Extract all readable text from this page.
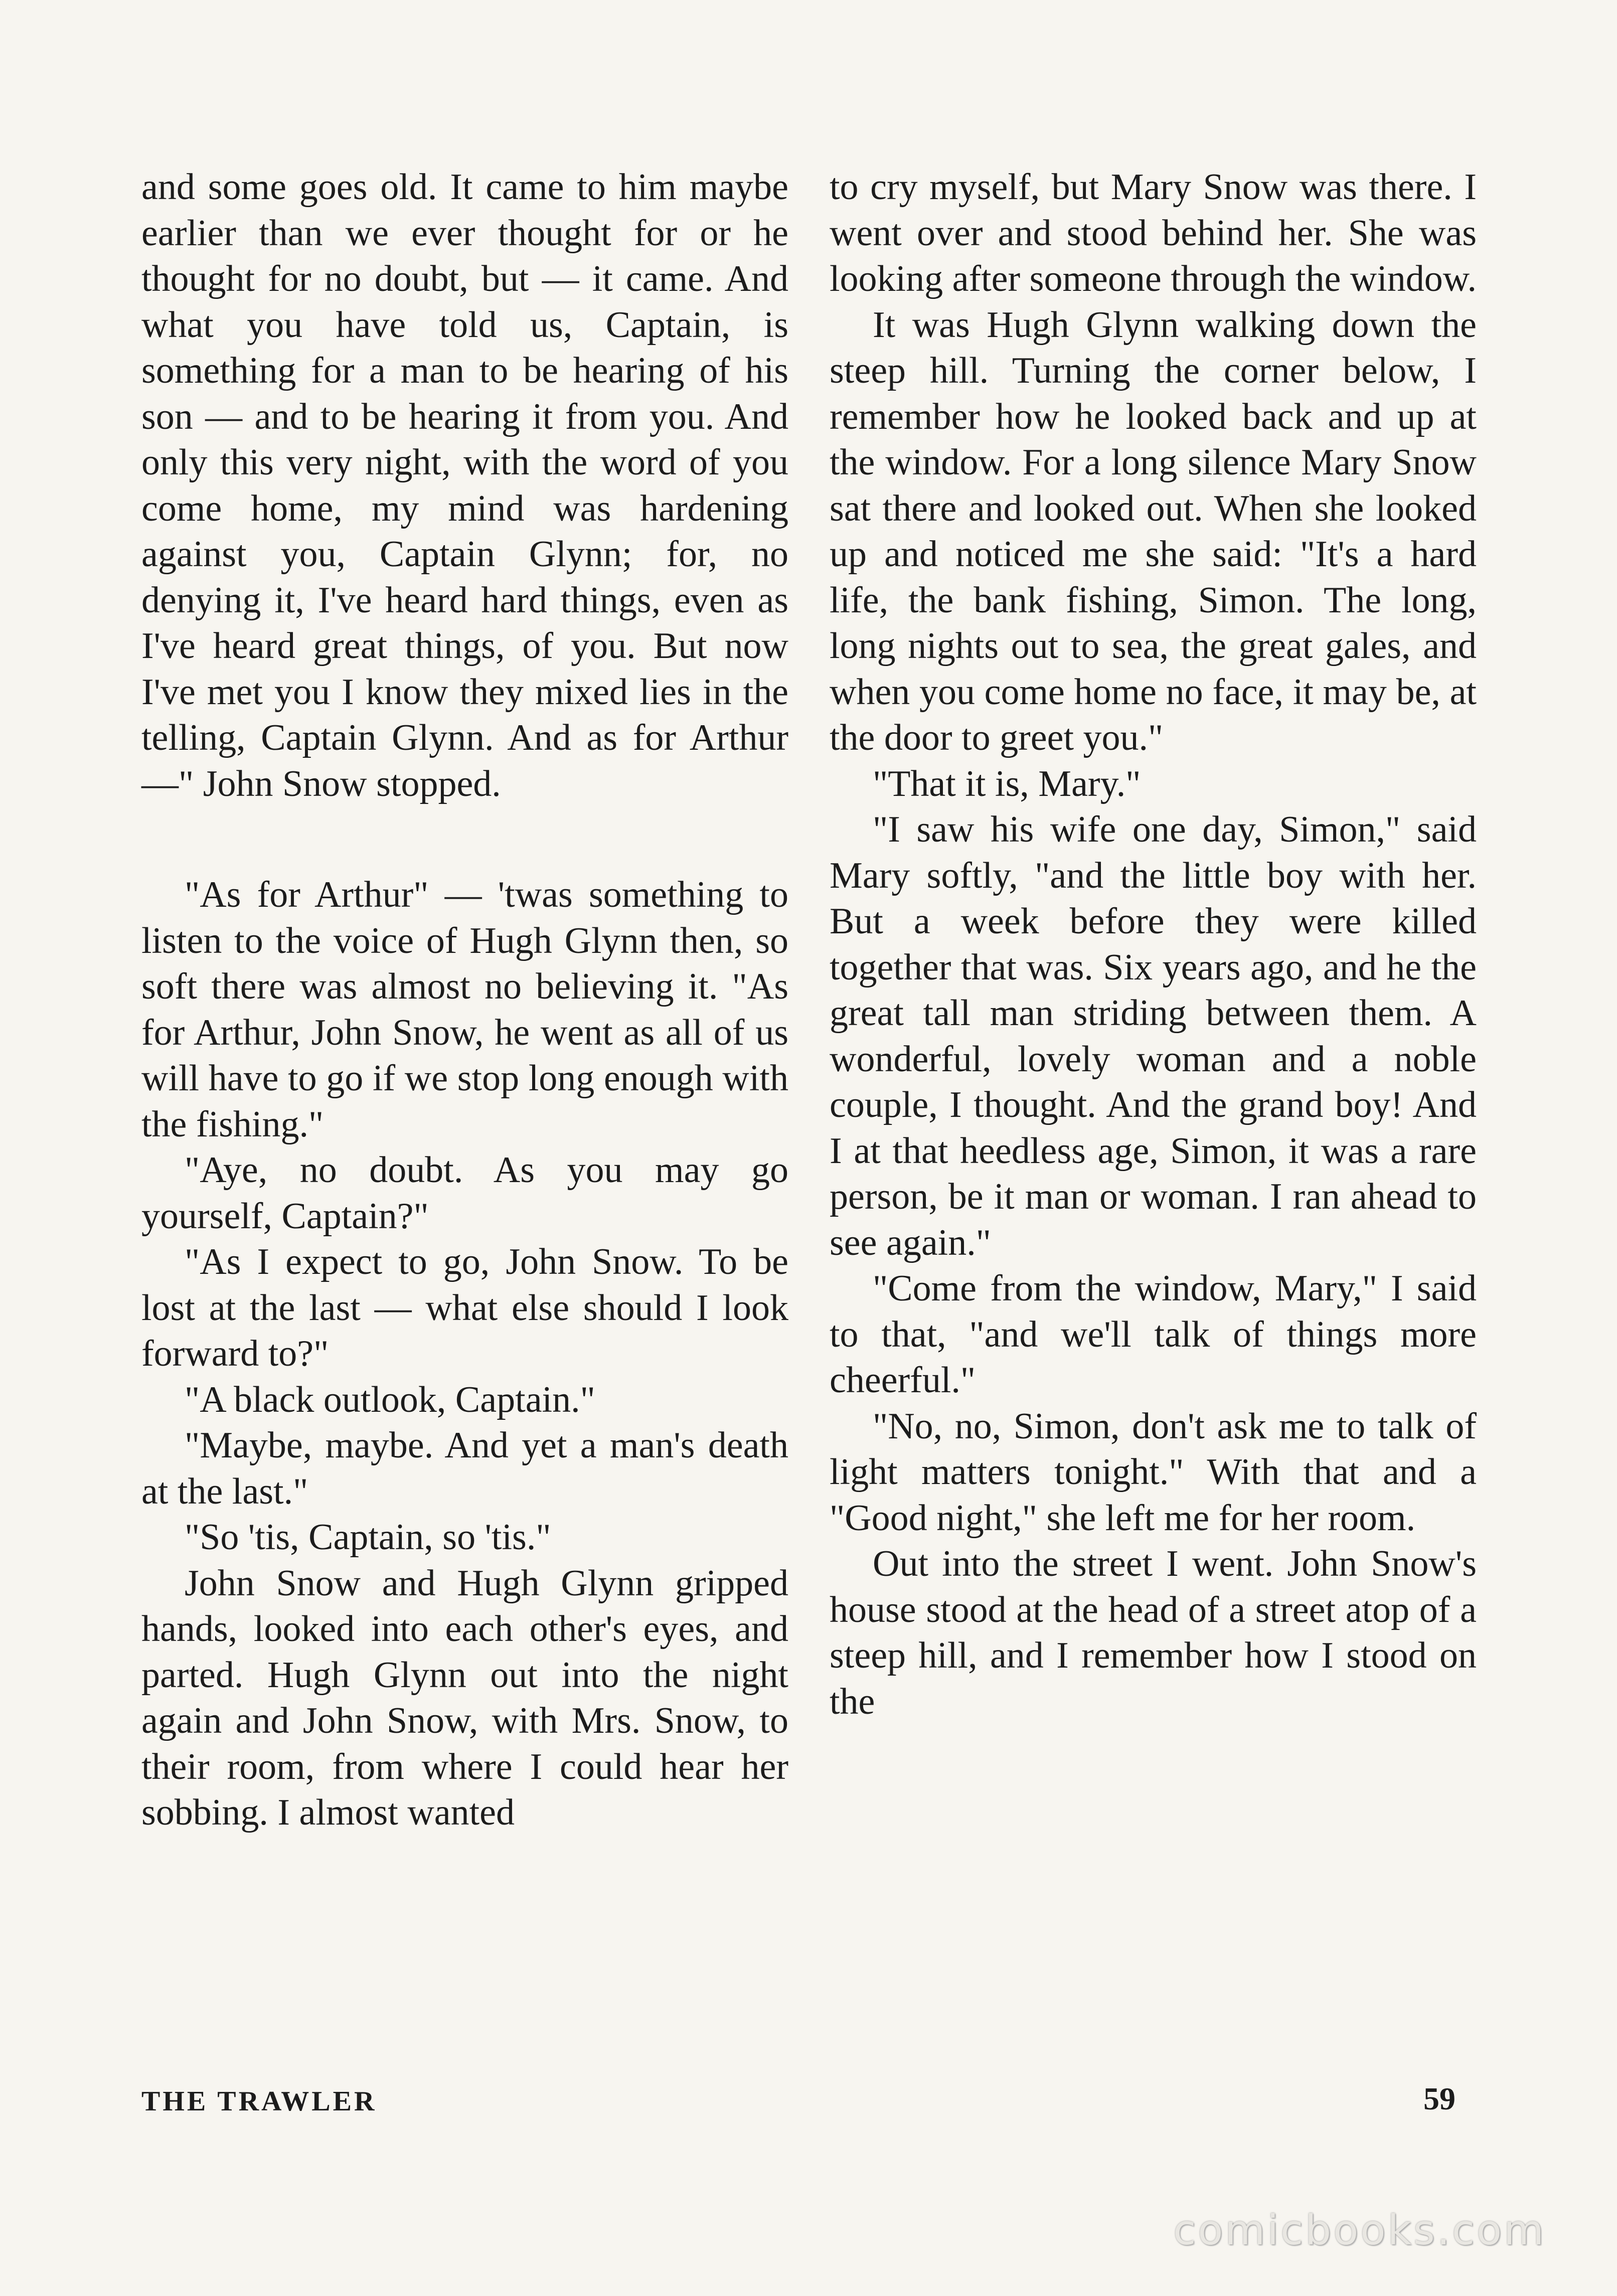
and some goes old. It came to him maybe earlier than we ever thought for or he thought for no doubt, but — it came. And what you have told us, Captain, is something for a man to be hearing of his son — and to be hearing it from you. And only this very night, with the word of you come home, my mind was hardening against you, Captain Glynn; for, no denying it, I've heard hard things, even as I've heard great things, of you. But now I've met you I know they mixed lies in the telling, Captain Glynn. And as for Arthur —" John Snow stopped.

"As for Arthur" — 'twas something to listen to the voice of Hugh Glynn then, so soft there was almost no believing it. "As for Arthur, John Snow, he went as all of us will have to go if we stop long enough with the fishing."

"Aye, no doubt. As you may go yourself, Captain?"

"As I expect to go, John Snow. To be lost at the last — what else should I look forward to?"

"A black outlook, Captain."

"Maybe, maybe. And yet a man's death at the last."

"So 'tis, Captain, so 'tis."

John Snow and Hugh Glynn gripped hands, looked into each other's eyes, and parted. Hugh Glynn out into the night again and John Snow, with Mrs. Snow, to their room, from where I could hear her sobbing. I almost wanted

to cry myself, but Mary Snow was there. I went over and stood behind her. She was looking after someone through the window.

It was Hugh Glynn walking down the steep hill. Turning the corner below, I remember how he looked back and up at the window. For a long silence Mary Snow sat there and looked out. When she looked up and noticed me she said: "It's a hard life, the bank fishing, Simon. The long, long nights out to sea, the great gales, and when you come home no face, it may be, at the door to greet you."

"That it is, Mary."

"I saw his wife one day, Simon," said Mary softly, "and the little boy with her. But a week before they were killed together that was. Six years ago, and he the great tall man striding between them. A wonderful, lovely woman and a noble couple, I thought. And the grand boy! And I at that heedless age, Simon, it was a rare person, be it man or woman. I ran ahead to see again."

"Come from the window, Mary," I said to that, "and we'll talk of things more cheerful."

"No, no, Simon, don't ask me to talk of light matters tonight." With that and a "Good night," she left me for her room.

Out into the street I went. John Snow's house stood at the head of a street atop of a steep hill, and I remember how I stood on the

THE TRAWLER	59
comicbooks.com
